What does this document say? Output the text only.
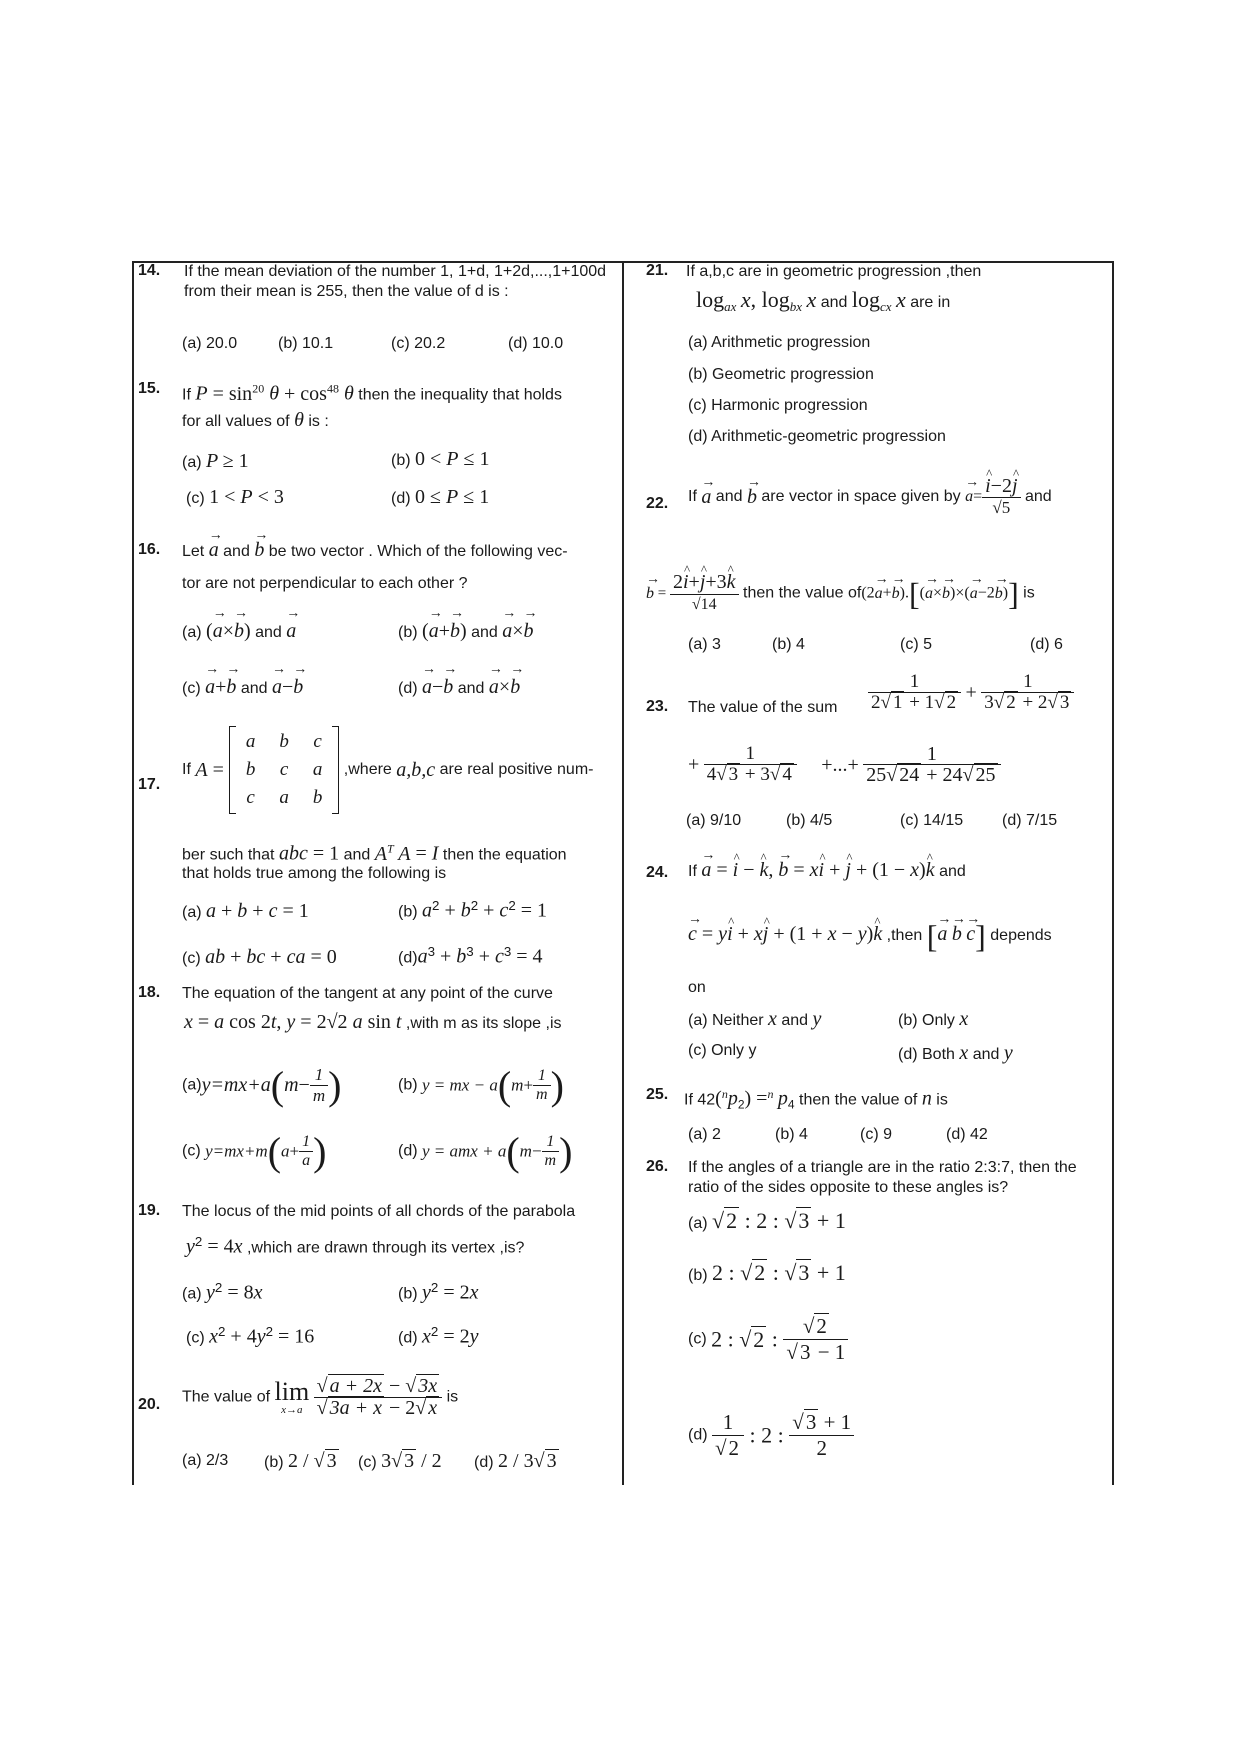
14. If the mean deviation of the number 1, 1+d, 1+2d,...,1+100d from their mean is 255, then the value of d is :
(a) 20.0	(b) 10.1	(c) 20.2	(d) 10.0
15. If $P = \sin^{20} \theta + \cos^{48} \theta$ then the inequality that holds
for all values of θ is :
(a) P ≥ 1	(b) 0 < P ≤ 1
(c) 1 < P < 3	(d) 0 ≤ P ≤ 1
16. Let → a and → b be two vector . Which of the following vec-
tor are not perpendicular to each other ?
(a) (→ a×→ b) and → a	(b) (→ a+→ b) and → a×→ b
(c) → a+→ b and → a−→ b	(d) → a−→ b and → a×→ b
17.
If A =
a	b	c
b	c	a
c	a	b
,where a,b,c are real positive num-
ber such that abc = 1 and $A^T$ A = I then the equation
that holds true among the following is
(a) a + b + c = 1	(b) $a^2 + b^2 + c^2 = 1$
(c) ab + bc + ca = 0	$(d)a^3 + b^3 + c^3 = 4$
18. The equation of the tangent at any point of the curve
x = a cos 2t, y = 2√2 a sin t ,with m as its slope ,is
$(a)y=mx+a(m- \frac{1}{m}$ )	(b) y = mx − $a(m+ \frac{1}{m}$ )
(c) $y=mx+m(a+ \frac{1}{a}$ )	(d) y = amx + $a(m- \frac{1}{m}$ )
19. The locus of the mid points of all chords of the parabola
$y^2 = 4x$ ,which are drawn through its vertex ,is?
(a) $y^2 = 8x$	(b) $y^2 = 2x$
(c) $x^2 + 4y^2 = 16$	(d) $x^2 = 2y$
20. The value of lim
x→a
$\frac{√ a + 2x - √ 3x}{√ 3a + x - 2√ x}$ is
(a) 2/3 (b) 2 / √ 3 (c) 3√ 3 / 2 (d) 2 / 3√ 3
21. If a,b,c are in geometric progression ,then
$\log_{ax} x$, $\log_{bx} x$ and $\log_{cx} x$ are in
(a) Arithmetic progression
(b) Geometric progression
(c) Harmonic progression
(d) Arithmetic-geometric progression
22. If → a and → b are vector in space given by → a= ^ $\frac{i-2\^{} j}{√5}$ and
→ $b = \frac{2\^{} i+\^{} j+3\^{} k}{√14}$ then the value of(2→ a+→ b).[(→ a×→ b)×(→ a−2→ b)] is
(a) 3	(b) 4	(c) 5	(d) 6
23. The value of the sum $\frac{1}{2√ 1 + 1√ 2} + \frac{1}{3√ 2 + 2√ 3}$
+ $\frac{1}{4√ 3 + 3√ 4}$ +...+ $\frac{1}{25√ 24 + 24√ 25}$
(a) 9/10	(b) 4/5	(c) 14/15 (d) 7/15
24. If → a = ^ i − ^ k, → b = x^ i + ^ j + (1 − x)^ k and
→ c = y^ i + x^ j + (1 + x − y)^ k ,then [→ a → b → c] depends
on
(a) Neither x and y	(b) Only x
(c) Only y	(d) Both x and y
25. If $42(^np_2) =^n$ $p_4$ then the value of n is
(a) 2	(b) 4	(c) 9	(d) 42
26. If the angles of a triangle are in the ratio 2:3:7, then the ratio of the sides opposite to these angles is?
(a) √2 : 2 : √3 + 1
(b) 2 : √2 : √3 + 1
(c) 2 : √2 : $\frac{√2}{√3 - 1}$
$(d) \frac{1}{√2}$ : 2 : $\frac{√3 + 1}{2}$
